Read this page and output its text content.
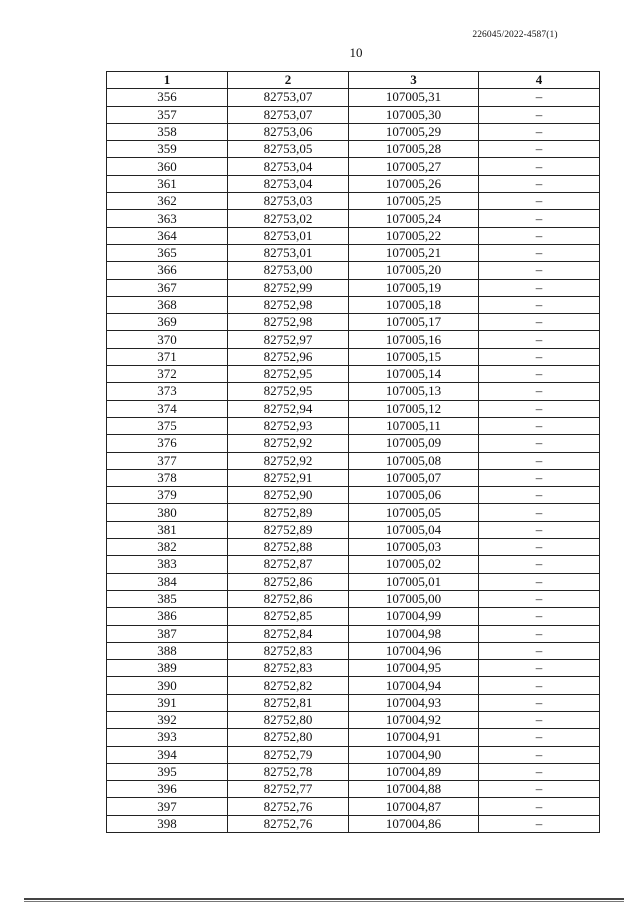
226045/2022-4587(1)
10
1	2	3	4
356	82753,07	107005,31	–
357	82753,07	107005,30	–
358	82753,06	107005,29	–
359	82753,05	107005,28	–
360	82753,04	107005,27	–
361	82753,04	107005,26	–
362	82753,03	107005,25	–
363	82753,02	107005,24	–
364	82753,01	107005,22	–
365	82753,01	107005,21	–
366	82753,00	107005,20	–
367	82752,99	107005,19	–
368	82752,98	107005,18	–
369	82752,98	107005,17	–
370	82752,97	107005,16	–
371	82752,96	107005,15	–
372	82752,95	107005,14	–
373	82752,95	107005,13	–
374	82752,94	107005,12	–
375	82752,93	107005,11	–
376	82752,92	107005,09	–
377	82752,92	107005,08	–
378	82752,91	107005,07	–
379	82752,90	107005,06	–
380	82752,89	107005,05	–
381	82752,89	107005,04	–
382	82752,88	107005,03	–
383	82752,87	107005,02	–
384	82752,86	107005,01	–
385	82752,86	107005,00	–
386	82752,85	107004,99	–
387	82752,84	107004,98	–
388	82752,83	107004,96	–
389	82752,83	107004,95	–
390	82752,82	107004,94	–
391	82752,81	107004,93	–
392	82752,80	107004,92	–
393	82752,80	107004,91	–
394	82752,79	107004,90	–
395	82752,78	107004,89	–
396	82752,77	107004,88	–
397	82752,76	107004,87	–
398	82752,76	107004,86	–
